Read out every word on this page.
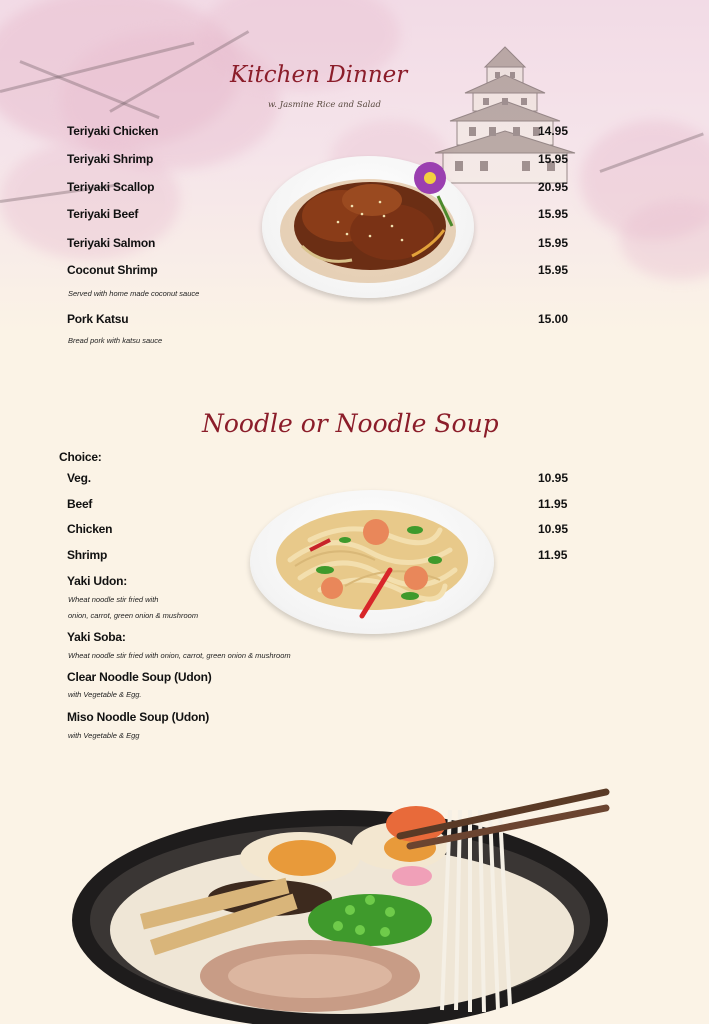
Kitchen Dinner
w. Jasmine Rice and Salad
Teriyaki Chicken	14.95
Teriyaki Shrimp	15.95
Teriyaki Scallop	20.95
Teriyaki Beef	15.95
Teriyaki Salmon	15.95
Coconut Shrimp	15.95
Served with home made coconut sauce
Pork Katsu	15.00
Bread pork with katsu sauce
Noodle or Noodle Soup
Choice:
Veg.	10.95
Beef	11.95
Chicken	10.95
Shrimp	11.95
Yaki Udon:
Wheat noodle stir fried with
onion, carrot, green onion & mushroom
Yaki Soba:
Wheat noodle stir fried with onion, carrot, green onion & mushroom
Clear Noodle Soup (Udon)
with Vegetable & Egg.
Miso Noodle Soup (Udon)
with Vegetable & Egg
